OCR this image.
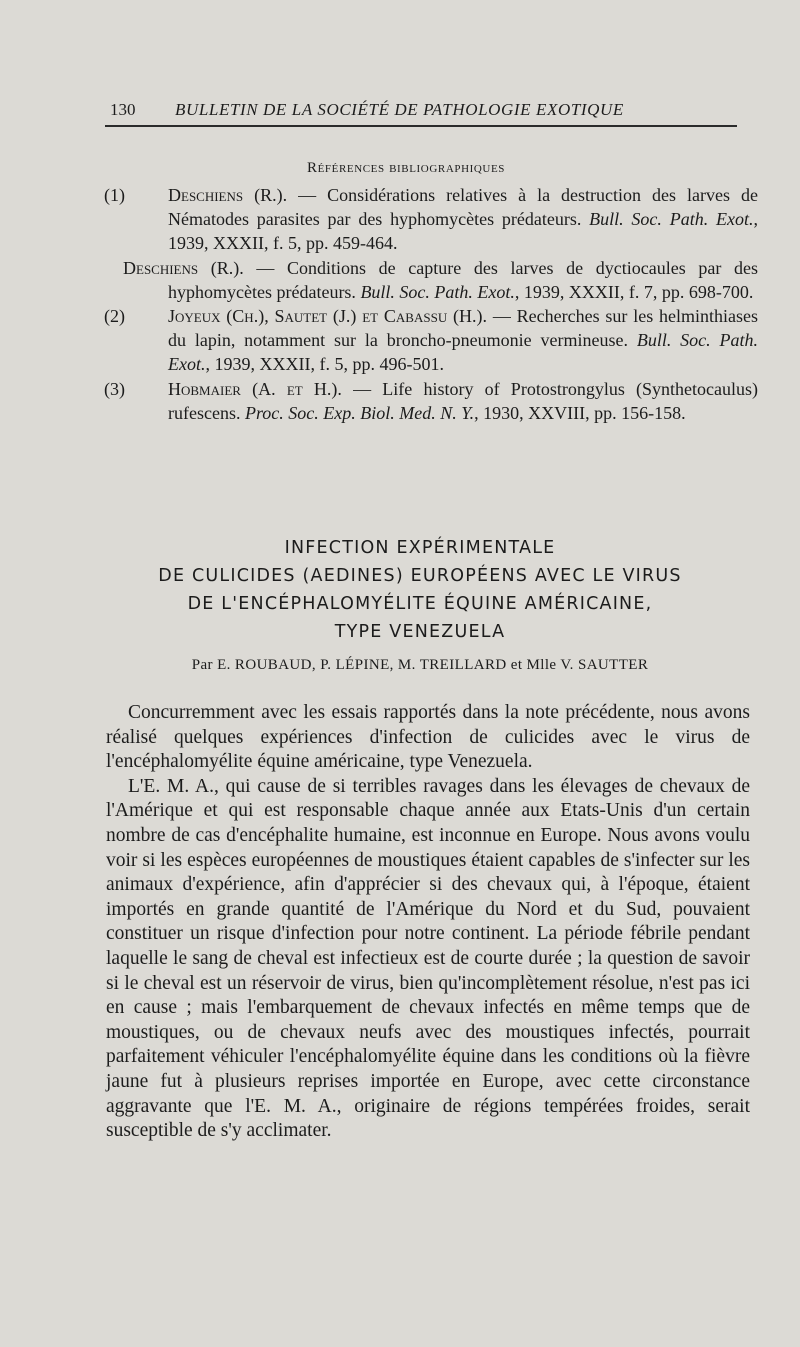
130 BULLETIN DE LA SOCIÉTÉ DE PATHOLOGIE EXOTIQUE
Références bibliographiques

(1) Deschiens (R.). — Considérations relatives à la destruction des larves de Nématodes parasites par des hyphomycètes prédateurs. Bull. Soc. Path. Exot., 1939, XXXII, f. 5, pp. 459-464.

Deschiens (R.). — Conditions de capture des larves de dyctiocaules par des hyphomycètes prédateurs. Bull. Soc. Path. Exot., 1939, XXXII, f. 7, pp. 698-700.

(2) Joyeux (Ch.), Sautet (J.) et Cabassu (H.). — Recherches sur les helminthiases du lapin, notamment sur la broncho-pneumonie vermineuse. Bull. Soc. Path. Exot., 1939, XXXII, f. 5, pp. 496-501.

(3) Hobmaier (A. et H.). — Life history of Protostrongylus (Synthetocaulus) rufescens. Proc. Soc. Exp. Biol. Med. N. Y., 1930, XXVIII, pp. 156-158.

INFECTION EXPÉRIMENTALE
DE CULICIDES (AEDINES) EUROPÉENS AVEC LE VIRUS
DE L'ENCÉPHALOMYÉLITE ÉQUINE AMÉRICAINE,
TYPE VENEZUELA
Par E. ROUBAUD, P. LÉPINE, M. TREILLARD et Mlle V. SAUTTER

Concurremment avec les essais rapportés dans la note précédente, nous avons réalisé quelques expériences d'infection de culicides avec le virus de l'encéphalomyélite équine américaine, type Venezuela.

L'E. M. A., qui cause de si terribles ravages dans les élevages de chevaux de l'Amérique et qui est responsable chaque année aux Etats-Unis d'un certain nombre de cas d'encéphalite humaine, est inconnue en Europe. Nous avons voulu voir si les espèces européennes de moustiques étaient capables de s'infecter sur les animaux d'expérience, afin d'apprécier si des chevaux qui, à l'époque, étaient importés en grande quantité de l'Amérique du Nord et du Sud, pouvaient constituer un risque d'infection pour notre continent. La période fébrile pendant laquelle le sang de cheval est infectieux est de courte durée ; la question de savoir si le cheval est un réservoir de virus, bien qu'incomplètement résolue, n'est pas ici en cause ; mais l'embarquement de chevaux infectés en même temps que de moustiques, ou de chevaux neufs avec des moustiques infectés, pourrait parfaitement véhiculer l'encéphalomyélite équine dans les conditions où la fièvre jaune fut à plusieurs reprises importée en Europe, avec cette circonstance aggravante que l'E. M. A., originaire de régions tempérées froides, serait susceptible de s'y acclimater.
